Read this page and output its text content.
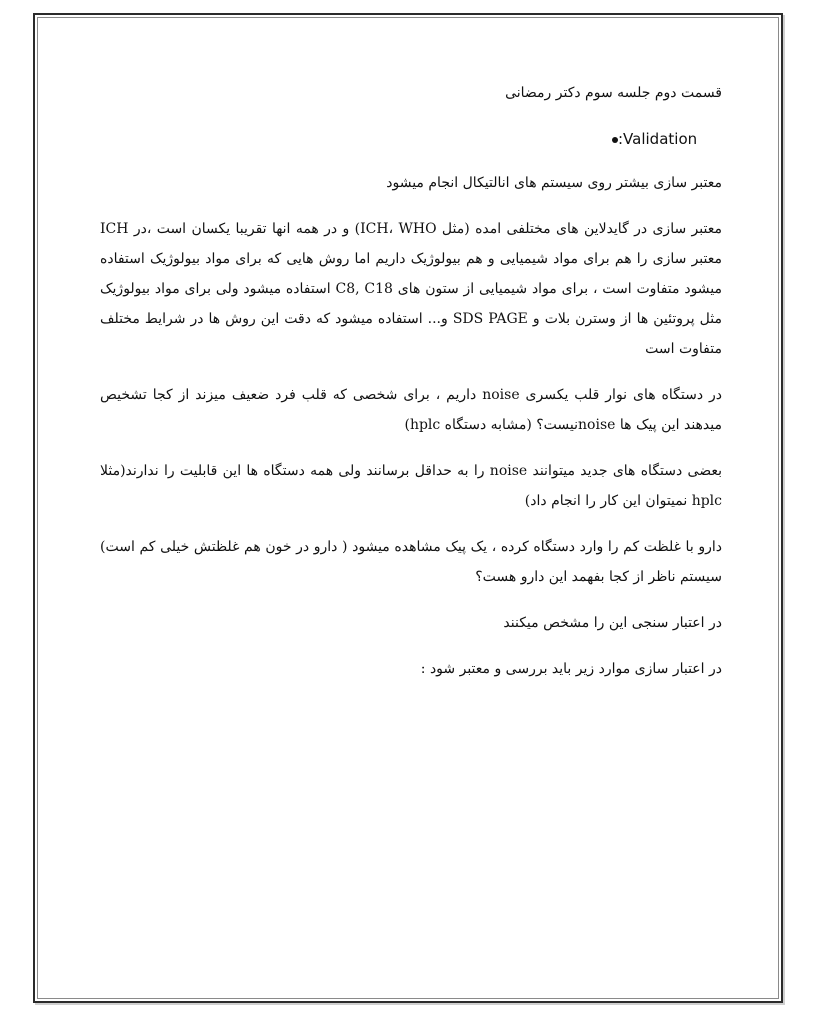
قسمت دوم جلسه سوم دکتر رمضانی

:Validation

معتبر سازی بیشتر روی سیستم های انالتیکال انجام میشود

معتبر سازی در گایدلاین های مختلفی امده (مثل ICH، WHO) و در همه انها تقریبا یکسان است ،در ICH معتبر سازی را هم برای مواد شیمیایی و هم بیولوژیک داریم اما روش هایی که برای مواد بیولوژیک استفاده میشود متفاوت است ، برای مواد شیمیایی از ستون های C8, C18 استفاده میشود ولی برای مواد بیولوژیک مثل پروتئین ها از وسترن بلات و SDS PAGE و... استفاده میشود که دقت این روش ها در شرایط مختلف متفاوت است

در دستگاه های نوار قلب یکسری noise داریم ، برای شخصی که قلب فرد ضعیف میزند از کجا تشخیص میدهند این پیک ها noiseنیست؟ (مشابه دستگاه hplc)

بعضی دستگاه های جدید میتوانند noise را به حداقل برسانند ولی همه دستگاه ها این قابلیت را ندارند(مثلا hplc نمیتوان این کار را انجام داد)

دارو با غلظت کم را وارد دستگاه کرده ، یک پیک مشاهده میشود ( دارو در خون هم غلظتش خیلی کم است) سیستم ناظر از کجا بفهمد این دارو هست؟

در اعتبار سنجی این را مشخص میکنند

در اعتبار سازی موارد زیر باید بررسی و معتبر شود :
